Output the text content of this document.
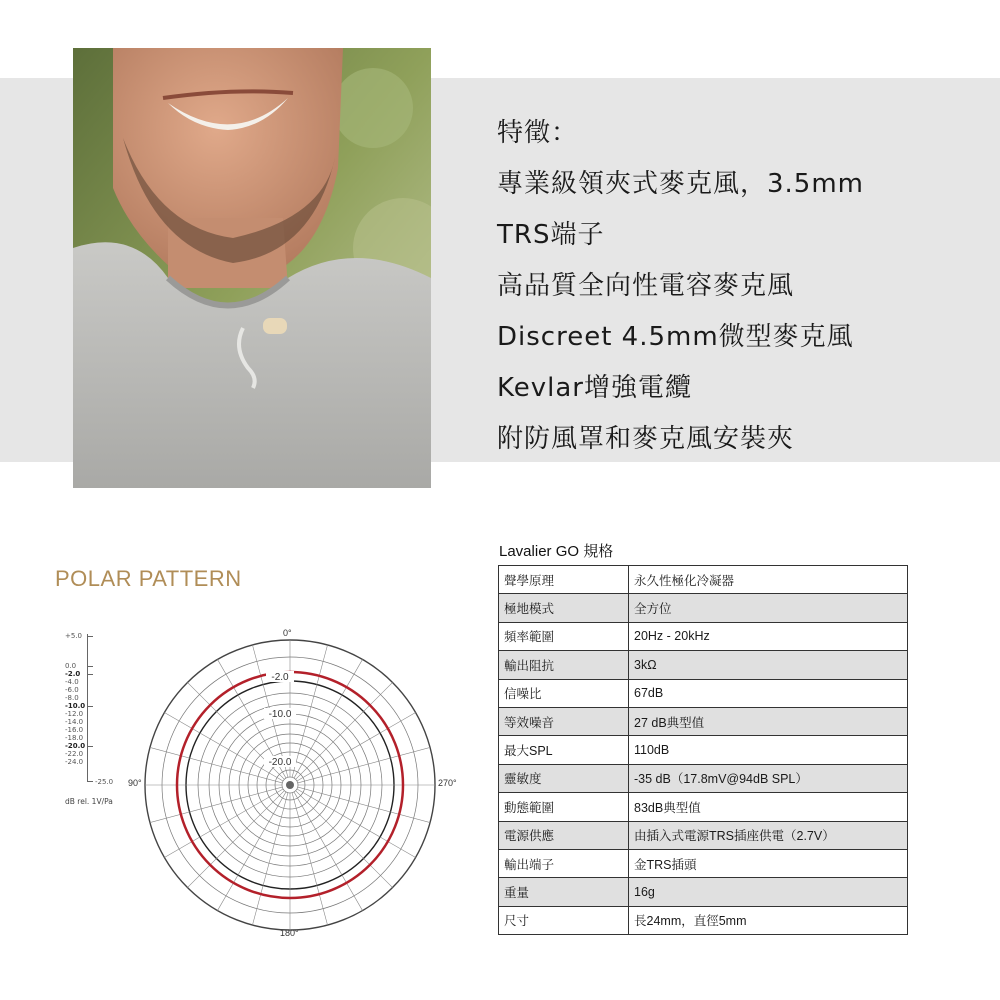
特徵：
專業級領夾式麥克風，3.5mm
TRS端子
高品質全向性電容麥克風
Discreet 4.5mm微型麥克風
Kevlar增強電纜
附防風罩和麥克風安裝夾
POLAR PATTERN
+5.0
0.0
-2.0
-4.0
-6.0
-8.0
-10.0
-12.0
-14.0
-16.0
-18.0
-20.0
-22.0
-24.0
-25.0
dB rel. 1V/Pa
0°
90°	270°
180°
-2.0
-10.0
-20.0
Lavalier GO 規格
聲學原理	永久性極化冷凝器
極地模式	全方位
頻率範圍	20Hz - 20kHz
輸出阻抗	3kΩ
信噪比	67dB
等效噪音	27 dB典型值
最大SPL	110dB
靈敏度	-35 dB（17.8mV@94dB SPL）
動態範圍	83dB典型值
電源供應	由插入式電源TRS插座供電（2.7V）
輸出端子	金TRS插頭
重量	16g
尺寸	長24mm，直徑5mm
